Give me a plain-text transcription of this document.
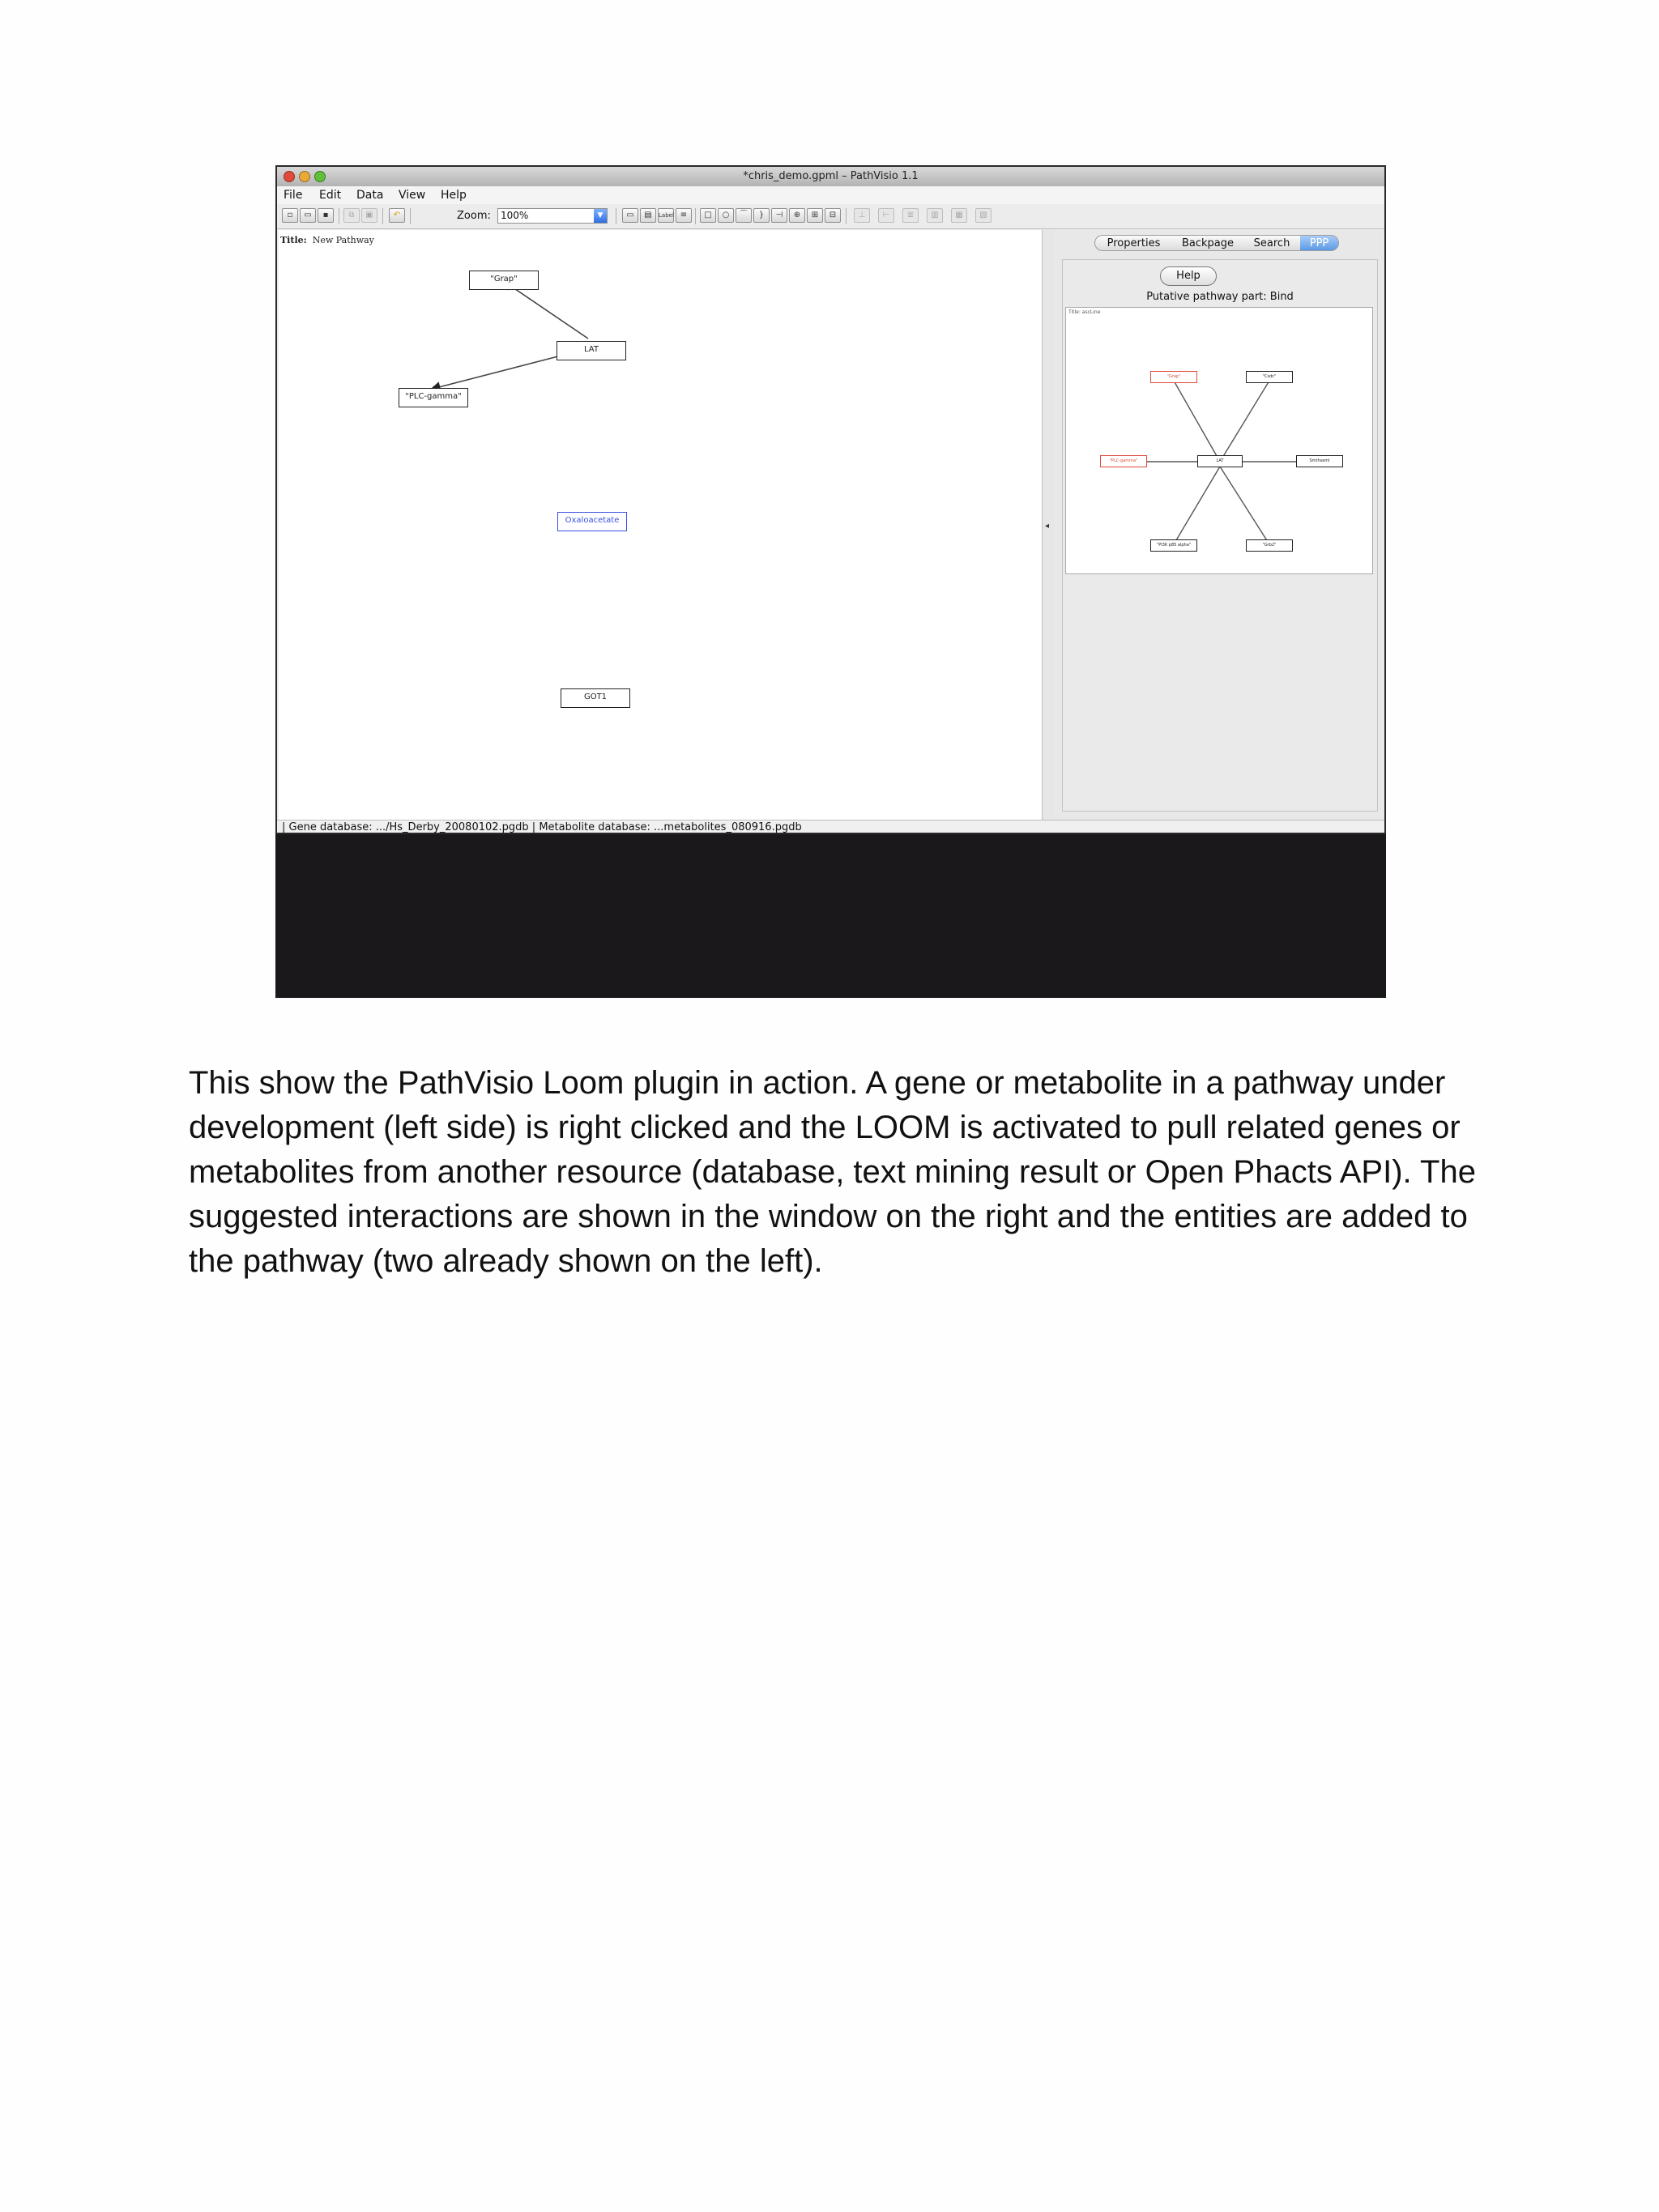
*chris_demo.gpml – PathVisio 1.1
File Edit Data View Help
▫	▭	▪	⧉	▣	↶	Zoom:	100%	▼	▭	▤	Label ≡	□	○	⌒	}	⊣	⊕	⊞	⊟	⊥	⊢	≣	▥	▦	▧
Title: New Pathway
"Grap"
LAT
"PLC-gamma"
Oxaloacetate
GOT1
◂
Properties	Backpage	Search	PPP
Help
Putative pathway part: Bind
Title: ascLine
"Grap"	"Csdc"
"PLC-gamma"	LAT	Smthseml
"PI3K p85 alpha"	"Grb2"
| Gene database: .../Hs_Derby_20080102.pgdb | Metabolite database: ...metabolites_080916.pgdb
This show the PathVisio Loom plugin in action. A gene or metabolite in a pathway under development (left side) is right clicked and the LOOM is activated to pull related genes or metabolites from another resource (database, text mining result or Open Phacts API). The suggested interactions are shown in the window on the right and the entities are added to the pathway (two already shown on the left).
